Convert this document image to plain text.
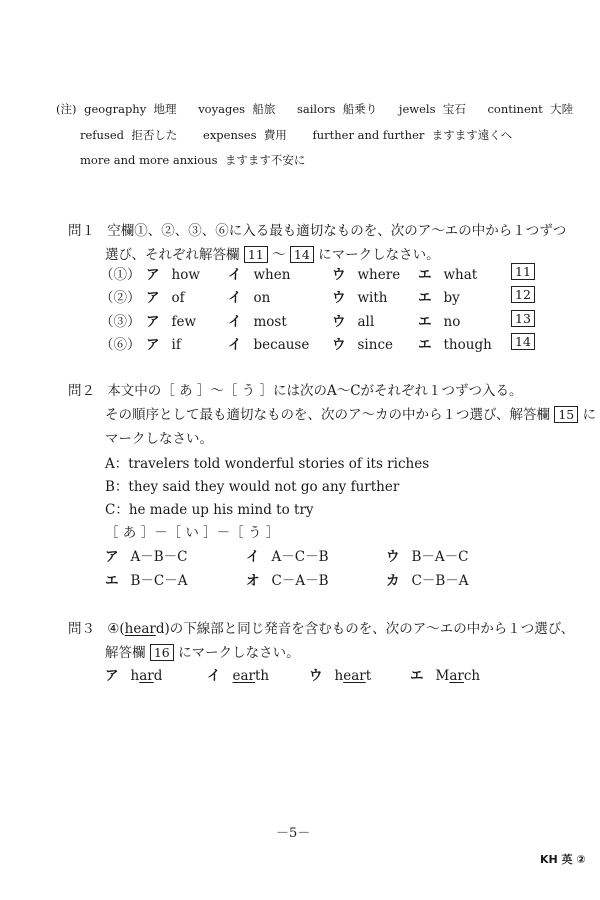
(注) geography 地理 voyages 船旅 sailors 船乗り jewels 宝石 continent 大陸
refused 拒否した expenses 費用 further and further ますます遠くへ
more and more anxious ますます不安に
問１ 空欄①、②、③、⑥に入る最も適切なものを、次のア〜エの中から１つずつ
選び、それぞれ解答欄 11 〜 14 にマークしなさい。
（①） ア how イ when	ウ where エ what	11
（②） ア of	イ on	ウ with エ by	12
（③） ア few イ most	ウ all	エ no	13
（⑥） ア if	イ because ウ since エ though	14
問２ 本文中の［ あ ］〜［ う ］には次のA〜Cがそれぞれ１つずつ入る。
その順序として最も適切なものを、次のア〜カの中から１つ選び、解答欄 15 に
マークしなさい。
A：travelers told wonderful stories of its riches
B：they said they would not go any further
C：he made up his mind to try
［ あ ］－［ い ］－［ う ］
ア A－B－C	イ A－C－B	ウ B－A－C
エ B－C－A	オ C－A－B	カ C－B－A
問３ ④(heard)の下線部と同じ発音を含むものを、次のア〜エの中から１つ選び、
解答欄 16 にマークしなさい。
ア hard	イ earth	ウ heart	エ March
－5－
KH 英 ②
